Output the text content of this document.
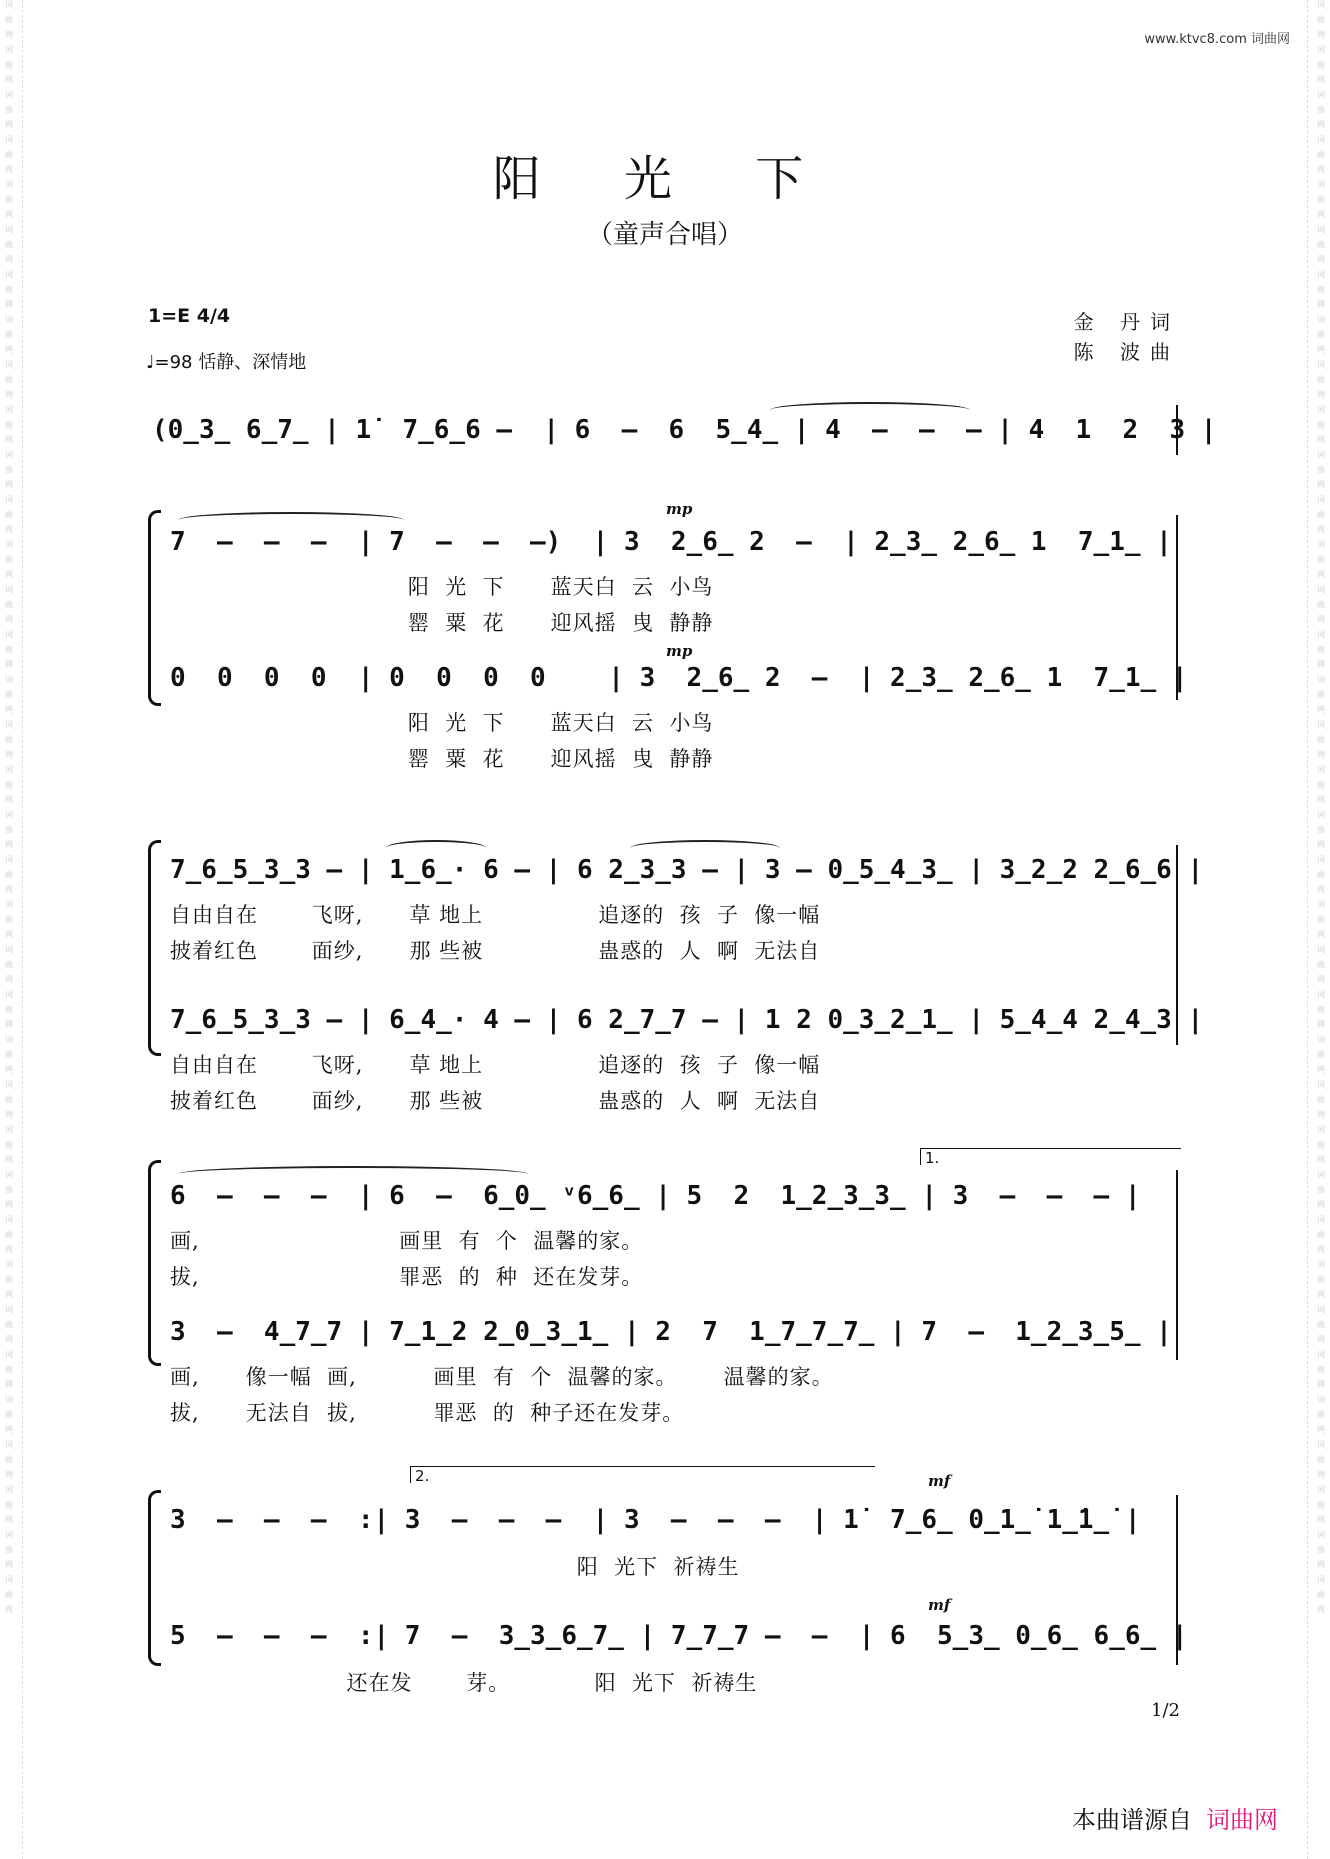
词
曲
网
词
曲
网
词
曲
网
词
曲
网
词
曲
网
词
曲
网
词
曲
网
词
曲
网
词
曲
网
词
曲
网
词
曲
网
词
曲
网
词
曲
网
词
曲
网
词
曲
网
词
曲
网
词
曲
网
词
曲
网
词
曲
网
词
曲
网
词
曲
网
词
曲
网
词
曲
网
词
曲
网
词
曲
网
词
曲
网
词
曲
网
词
曲
网
词
曲
网
词
曲
网
词
曲
网
词
曲
网
词
曲
网
词
曲
网
词
曲
网
词
曲
网
词
曲
网
词
曲
网
词
曲
网
词
曲
网
词
曲
网
词
曲
网
词
曲
网
词
曲
网
词
曲
网
词
曲
网
词
曲
网
词
曲
网
词
曲
网
词
曲
网
词
曲
网
词
曲
网
词
曲
网
词
曲
网
词
曲
网
词
曲
网
词
曲
网
词
曲
网
词
曲
网
词
曲
网
词
曲
网
词
曲
网
词
曲
网
词
曲
网
词
曲
网
词
曲
网
词
曲
网
词
曲
网
词
曲
网
词
曲
网
词
曲
网
词
曲
网
www.ktvc8.com 词曲网
阳 光 下
（童声合唱）
1=E 4/4
♩=98 恬静、深情地
金 丹词
陈 波曲
(0̲3̲ 6̲7̲ | 1̇  7̲6̲6 –  | 6  –  6  5̲4̲ | 4  –  –  – | 4  1  2  3 |
mp
7  –  –  –  | 7  –  –  –)  | 3  2̲6̲ 2  –  | 2̲3̲ 2̲6̲ 1  7̲1̲ |
阳  光  下      蓝天白  云  小鸟
罂  粟  花      迎风摇  曳  静静
mp
0  0  0  0  | 0  0  0  0    | 3  2̲6̲ 2  –  | 2̲3̲ 2̲6̲ 1  7̲1̲ |
阳  光  下      蓝天白  云  小鸟
罂  粟  花      迎风摇  曳  静静
7̲6̲5̲3̲3 – | 1̲6̲· 6 – | 6 2̲3̲3 – | 3 – 0̲5̲4̲3̲ | 3̲2̲2 2̲6̲6 |
自由自在       飞呀,      草 地上               追逐的  孩  子  像一幅
披着红色       面纱,      那 些被               蛊惑的  人  啊  无法自
7̲6̲5̲3̲3 – | 6̲4̲· 4 – | 6 2̲7̲7 – | 1 2 0̲3̲2̲1̲ | 5̲4̲4 2̲4̲3 |
自由自在       飞呀,      草 地上               追逐的  孩  子  像一幅
披着红色       面纱,      那 些被               蛊惑的  人  啊  无法自
1.
6  –  –  –  | 6  –  6̲0̲ ᵛ6̲6̲ | 5  2  1̲2̲3̲3̲ | 3  –  –  – |
画,                          画里  有  个  温馨的家。
拔,                          罪恶  的  种  还在发芽。
3  –  4̲7̲7 | 7̲1̲2 2̲0̲3̲1̲ | 2  7  1̲7̲7̲7̲ | 7  –  1̲2̲3̲5̲ |
画,      像一幅  画,          画里  有  个  温馨的家。      温馨的家。
拔,      无法自  拔,          罪恶  的  种子还在发芽。
2.	mf
3  –  –  –  :| 3  –  –  –  | 3  –  –  –  | 1̇  7̲6̲ 0̲1̲̇ 1̲̇1̲̇ |
阳  光下  祈祷生
mf
5  –  –  –  :| 7  –  3̲3̲6̲7̲ | 7̲7̲7 –  –  | 6  5̲3̲ 0̲6̲ 6̲6̲ |
还在发       芽。           阳  光下  祈祷生
1/2
本曲谱源自 词曲网
